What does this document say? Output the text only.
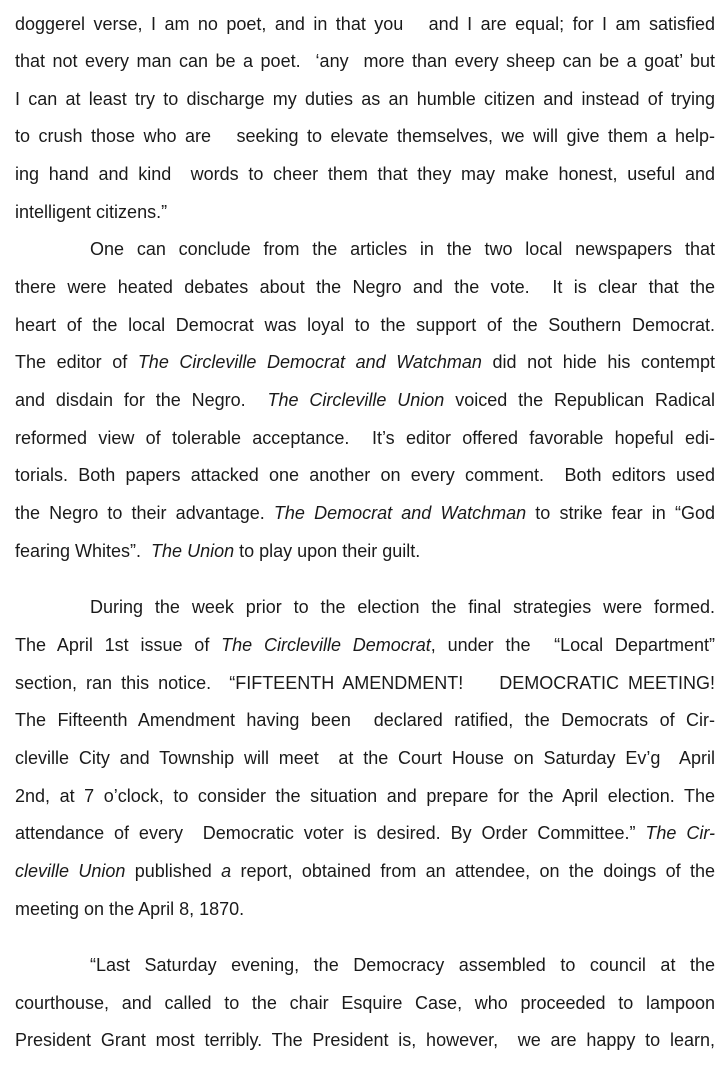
doggerel verse, I am no poet, and in that you   and I are equal; for I am satisfied
that not every man can be a poet.  ‘any  more than every sheep can be a goat’ but
I can at least try to discharge my duties as an humble citizen and instead of trying
to crush those who are   seeking to elevate themselves, we will give them a help-
ing hand and kind  words to cheer them that they may make honest, useful and
intelligent citizens.”
One can conclude from the articles in the two local newspapers that
there were heated debates about the Negro and the vote.  It is clear that the
heart of the local Democrat was loyal to the support of the Southern Democrat.
The editor of The Circleville Democrat and Watchman did not hide his contempt
and disdain for the Negro.  The Circleville Union voiced the Republican Radical
reformed view of tolerable acceptance.  It’s editor offered favorable hopeful edi-
torials. Both papers attacked one another on every comment.  Both editors used
the Negro to their advantage. The Democrat and Watchman to strike fear in “God
fearing Whites”.  The Union to play upon their guilt.
During the week prior to the election the final strategies were formed.
The April 1st issue of The Circleville Democrat, under the  “Local Department”
section, ran this notice.  “FIFTEENTH AMENDMENT!    DEMOCRATIC MEETING!
The Fifteenth Amendment having been  declared ratified, the Democrats of Cir-
cleville City and Township will meet  at the Court House on Saturday Ev’g  April
2nd, at 7 o’clock, to consider the situation and prepare for the April election. The
attendance of every  Democratic voter is desired. By Order Committee.” The Cir-
cleville Union published a report, obtained from an attendee, on the doings of the
meeting on the April 8, 1870.
“Last Saturday evening, the Democracy assembled to council at the
courthouse, and called to the chair Esquire Case, who proceeded to lampoon
President Grant most terribly. The President is, however,  we are happy to learn,
